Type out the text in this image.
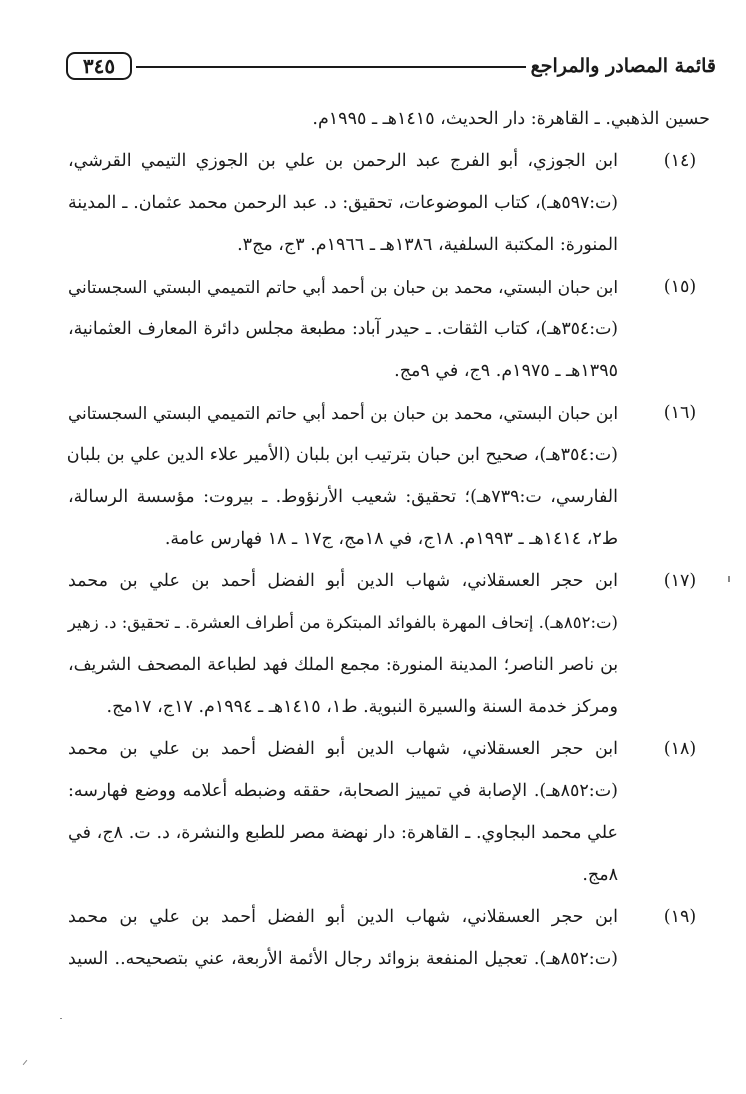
٣٤٥	قائمة المصادر والمراجع
حسين الذهبي. ـ القاهرة: دار الحديث، ١٤١٥هـ ـ ١٩٩٥م.
(١٤)
ابن الجوزي، أبو الفرج عبد الرحمن بن علي بن الجوزي التيمي القرشي،
(ت:٥٩٧هـ)، كتاب الموضوعات، تحقيق: د. عبد الرحمن محمد عثمان. ـ المدينة
المنورة: المكتبة السلفية، ١٣٨٦هـ ـ ١٩٦٦م. ٣ج، مج٣.
(١٥)
ابن حبان البستي، محمد بن حبان بن أحمد أبي حاتم التميمي البستي السجستاني
(ت:٣٥٤هـ)، كتاب الثقات. ـ حيدر آباد: مطبعة مجلس دائرة المعارف العثمانية،
١٣٩٥هـ ـ ١٩٧٥م. ٩ج، في ٩مج.
(١٦)
ابن حبان البستي، محمد بن حبان بن أحمد أبي حاتم التميمي البستي السجستاني
(ت:٣٥٤هـ)، صحيح ابن حبان بترتيب ابن بلبان (الأمير علاء الدين علي بن بلبان
الفارسي، ت:٧٣٩هـ)؛ تحقيق: شعيب الأرنؤوط. ـ بيروت: مؤسسة الرسالة،
ط٢، ١٤١٤هـ ـ ١٩٩٣م. ١٨ج، في ١٨مج، ج١٧ ـ ١٨ فهارس عامة.
(١٧)
ابن حجر العسقلاني، شهاب الدين أبو الفضل أحمد بن علي بن محمد
(ت:٨٥٢هـ). إتحاف المهرة بالفوائد المبتكرة من أطراف العشرة. ـ تحقيق: د. زهير
بن ناصر الناصر؛ المدينة المنورة: مجمع الملك فهد لطباعة المصحف الشريف،
ومركز خدمة السنة والسيرة النبوية. ط١، ١٤١٥هـ ـ ١٩٩٤م. ١٧ج، ١٧مج.
(١٨)
ابن حجر العسقلاني، شهاب الدين أبو الفضل أحمد بن علي بن محمد
(ت:٨٥٢هـ). الإصابة في تمييز الصحابة، حققه وضبطه أعلامه ووضع فهارسه:
علي محمد البجاوي. ـ القاهرة: دار نهضة مصر للطبع والنشرة، د. ت. ٨ج، في
٨مج.
(١٩)
ابن حجر العسقلاني، شهاب الدين أبو الفضل أحمد بن علي بن محمد
(ت:٨٥٢هـ). تعجيل المنفعة بزوائد رجال الأئمة الأربعة، عني بتصحيحه.. السيد
